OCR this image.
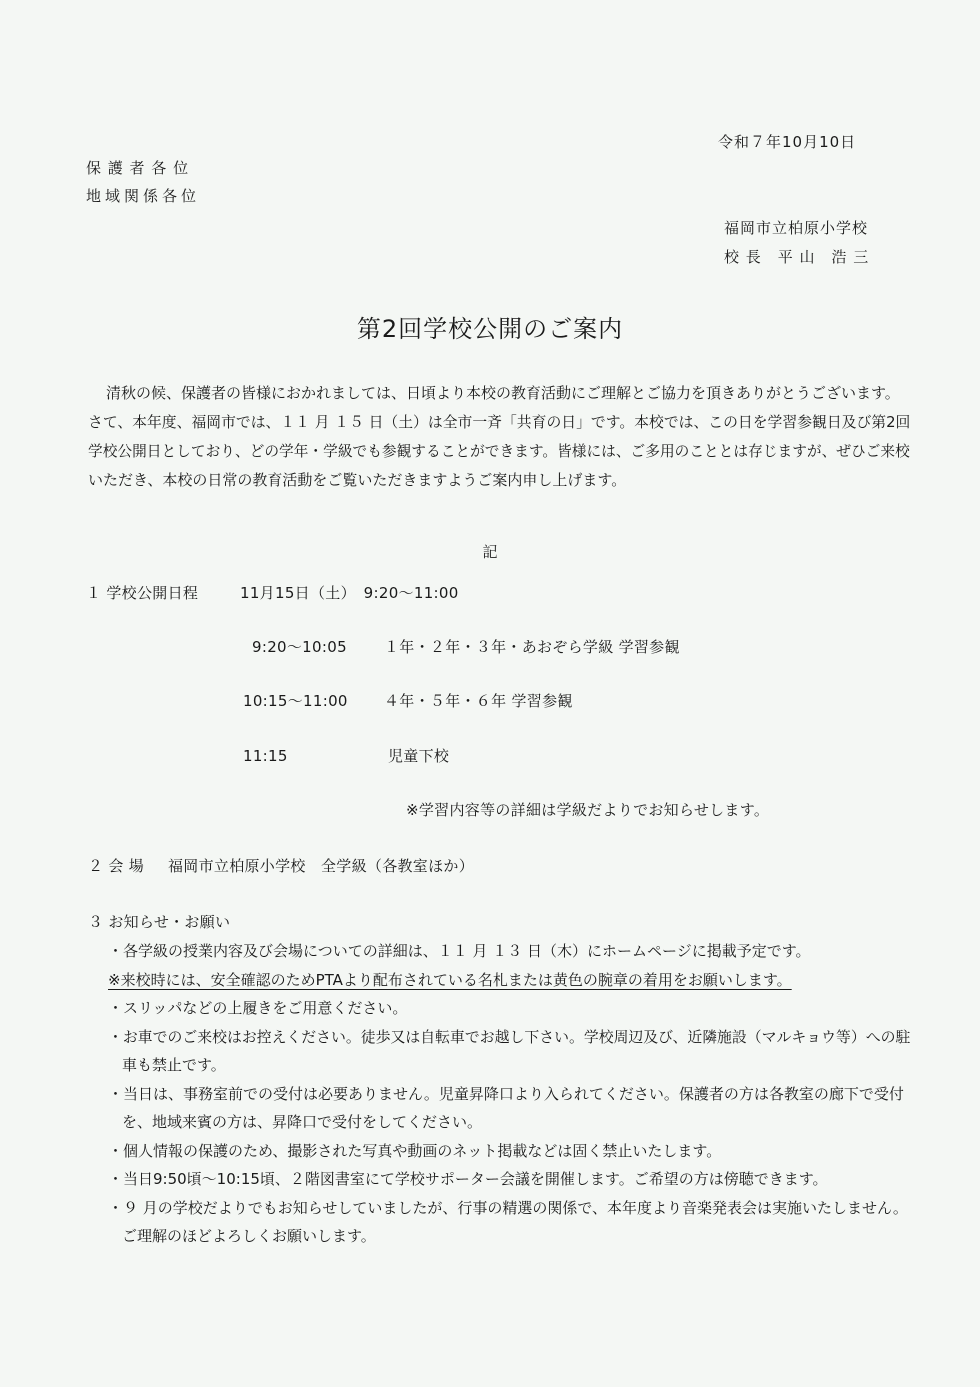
令和７年10月10日
保 護 者 各 位
地域関係各位
福岡市立柏原小学校
校 長　平 山　浩 三
第2回学校公開のご案内
清秋の候、保護者の皆様におかれましては、日頃より本校の教育活動にご理解とご協力を頂きありがとうございます。
さて、本年度、福岡市では、１１ 月 １５ 日（土）は全市一斉「共育の日」です。本校では、この日を学習参観日及び第2回
学校公開日としており、どの学年・学級でも参観することができます。皆様には、ご多用のこととは存じますが、ぜひご来校
いただき、本校の日常の教育活動をご覧いただきますようご案内申し上げます。
記
１ 学校公開日程	11月15日（土）　9:20～11:00
9:20～10:05 １年・２年・３年・あおぞら学級 学習参観
10:15～11:00 ４年・５年・６年 学習参観
11:15	児童下校
※学習内容等の詳細は学級だよりでお知らせします。
２ 会 場 福岡市立柏原小学校　全学級（各教室ほか）
３ お知らせ・お願い
・各学級の授業内容及び会場についての詳細は、１１ 月 １３ 日（木）にホームページに掲載予定です。
※来校時には、安全確認のためPTAより配布されている名札または黄色の腕章の着用をお願いします。
・スリッパなどの上履きをご用意ください。
・お車でのご来校はお控えください。徒歩又は自転車でお越し下さい。学校周辺及び、近隣施設（マルキョウ等）への駐
車も禁止です。
・当日は、事務室前での受付は必要ありません。児童昇降口より入られてください。保護者の方は各教室の廊下で受付
を、地域来賓の方は、昇降口で受付をしてください。
・個人情報の保護のため、撮影された写真や動画のネット掲載などは固く禁止いたします。
・当日9:50頃～10:15頃、２階図書室にて学校サポーター会議を開催します。ご希望の方は傍聴できます。
・９ 月の学校だよりでもお知らせしていましたが、行事の精選の関係で、本年度より音楽発表会は実施いたしません。
ご理解のほどよろしくお願いします。
